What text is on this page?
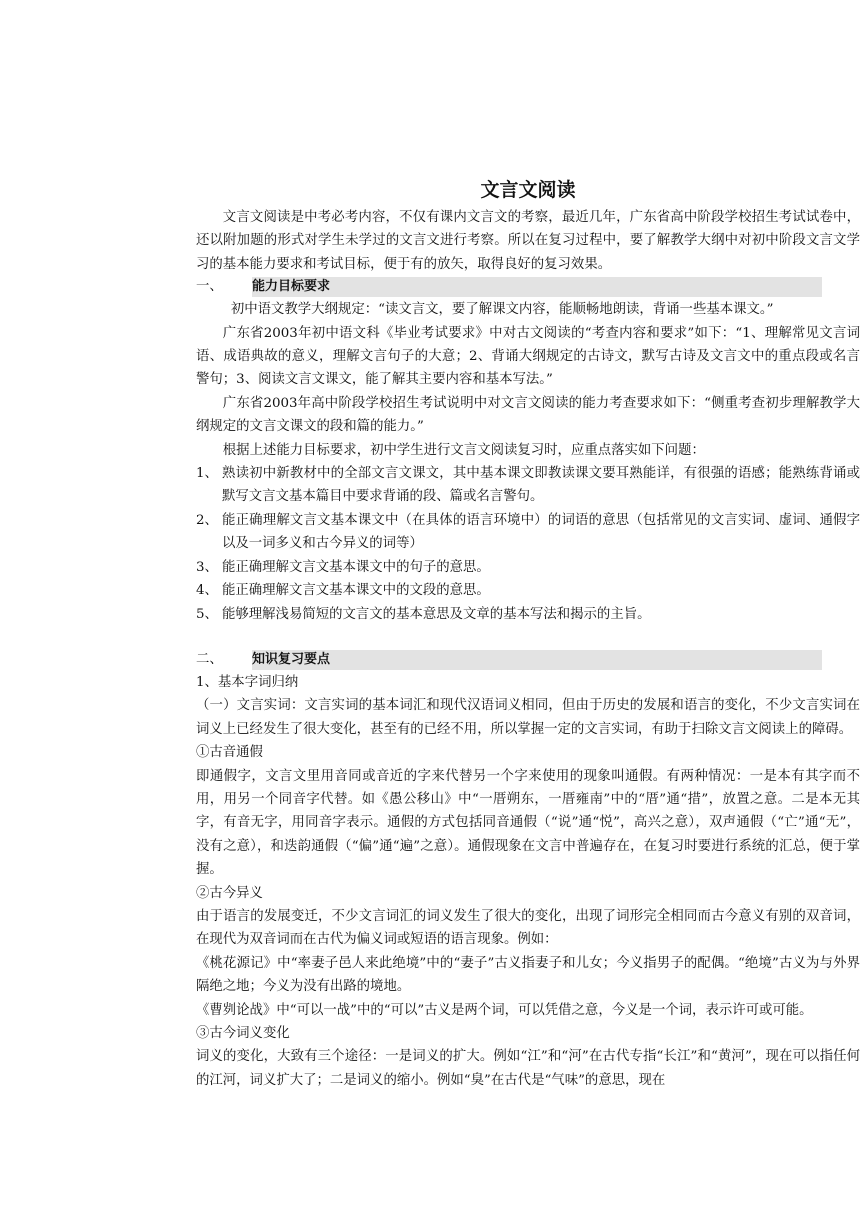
文言文阅读

文言文阅读是中考必考内容，不仅有课内文言文的考察，最近几年，广东省高中阶段学校招生考试试卷中，还以附加题的形式对学生未学过的文言文进行考察。所以在复习过程中，要了解教学大纲中对初中阶段文言文学习的基本能力要求和考试目标，便于有的放矢，取得良好的复习效果。

一、	能力目标要求

初中语文教学大纲规定：“读文言文，要了解课文内容，能顺畅地朗读，背诵一些基本课文。”

广东省2003年初中语文科《毕业考试要求》中对古文阅读的“考查内容和要求”如下：“1、理解常见文言词语、成语典故的意义，理解文言句子的大意；2、背诵大纲规定的古诗文，默写古诗及文言文中的重点段或名言警句；3、阅读文言文课文，能了解其主要内容和基本写法。”

广东省2003年高中阶段学校招生考试说明中对文言文阅读的能力考查要求如下：“侧重考查初步理解教学大纲规定的文言文课文的段和篇的能力。”

根据上述能力目标要求，初中学生进行文言文阅读复习时，应重点落实如下问题：

1、 熟读初中新教材中的全部文言文课文，其中基本课文即教读课文要耳熟能详，有很强的语感；能熟练背诵或默写文言文基本篇目中要求背诵的段、篇或名言警句。
2、 能正确理解文言文基本课文中（在具体的语言环境中）的词语的意思（包括常见的文言实词、虚词、通假字以及一词多义和古今异义的词等）
3、 能正确理解文言文基本课文中的句子的意思。
4、 能正确理解文言文基本课文中的文段的意思。
5、 能够理解浅易简短的文言文的基本意思及文章的基本写法和揭示的主旨。
二、	知识复习要点

1、基本字词归纳

（一）文言实词：文言实词的基本词汇和现代汉语词义相同，但由于历史的发展和语言的变化，不少文言实词在词义上已经发生了很大变化，甚至有的已经不用，所以掌握一定的文言实词，有助于扫除文言文阅读上的障碍。

①古音通假

即通假字，文言文里用音同或音近的字来代替另一个字来使用的现象叫通假。有两种情况：一是本有其字而不用，用另一个同音字代替。如《愚公移山》中“一厝朔东，一厝雍南”中的“厝”通“措”，放置之意。二是本无其字，有音无字，用同音字表示。通假的方式包括同音通假（“说”通“悦”，高兴之意），双声通假（“亡”通“无”，没有之意），和迭韵通假（“偏”通“遍”之意）。通假现象在文言中普遍存在，在复习时要进行系统的汇总，便于掌握。

②古今异义

由于语言的发展变迁，不少文言词汇的词义发生了很大的变化，出现了词形完全相同而古今意义有别的双音词，在现代为双音词而在古代为偏义词或短语的语言现象。例如：

《桃花源记》中“率妻子邑人来此绝境”中的“妻子”古义指妻子和儿女；今义指男子的配偶。“绝境”古义为与外界隔绝之地；今义为没有出路的境地。

《曹刿论战》中“可以一战”中的“可以”古义是两个词，可以凭借之意，今义是一个词，表示许可或可能。

③古今词义变化

词义的变化，大致有三个途径：一是词义的扩大。例如“江”和“河”在古代专指“长江”和“黄河”，现在可以指任何的江河，词义扩大了；二是词义的缩小。例如“臭”在古代是“气味”的意思，现在
